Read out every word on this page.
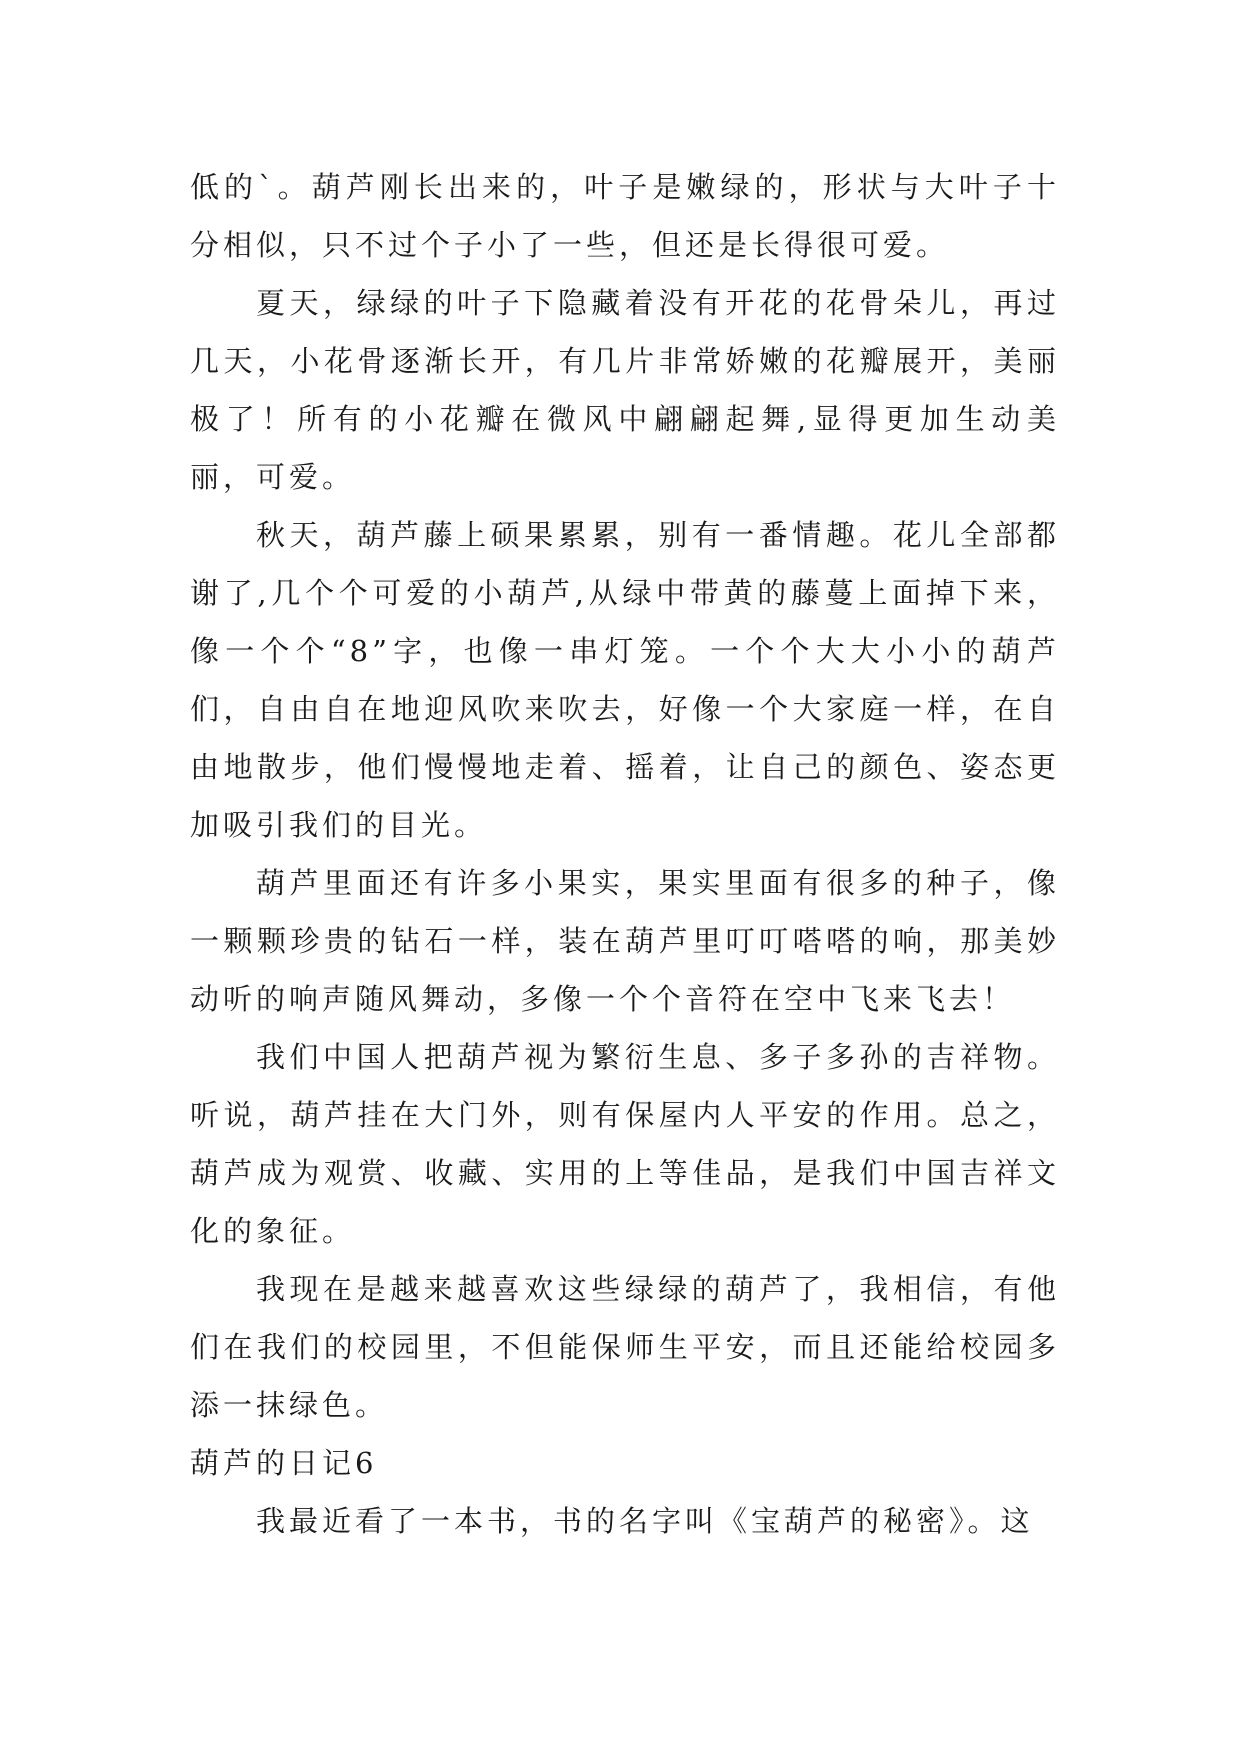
低的`。葫芦刚长出来的，叶子是嫩绿的，形状与大叶子十分相似，只不过个子小了一些，但还是长得很可爱。

夏天，绿绿的叶子下隐藏着没有开花的花骨朵儿，再过几天，小花骨逐渐长开，有几片非常娇嫩的花瓣展开，美丽极了！所有的小花瓣在微风中翩翩起舞,显得更加生动美丽，可爱。

秋天，葫芦藤上硕果累累，别有一番情趣。花儿全部都谢了,几个个可爱的小葫芦,从绿中带黄的藤蔓上面掉下来，像一个个“8”字，也像一串灯笼。一个个大大小小的葫芦们，自由自在地迎风吹来吹去，好像一个大家庭一样，在自由地散步，他们慢慢地走着、摇着，让自己的颜色、姿态更加吸引我们的目光。

葫芦里面还有许多小果实，果实里面有很多的种子，像一颗颗珍贵的钻石一样，装在葫芦里叮叮嗒嗒的响，那美妙动听的响声随风舞动，多像一个个音符在空中飞来飞去！

我们中国人把葫芦视为繁衍生息、多子多孙的吉祥物。听说，葫芦挂在大门外，则有保屋内人平安的作用。总之，葫芦成为观赏、收藏、实用的上等佳品，是我们中国吉祥文化的象征。

我现在是越来越喜欢这些绿绿的葫芦了，我相信，有他们在我们的校园里，不但能保师生平安，而且还能给校园多添一抹绿色。

葫芦的日记6

我最近看了一本书，书的名字叫《宝葫芦的秘密》。这
